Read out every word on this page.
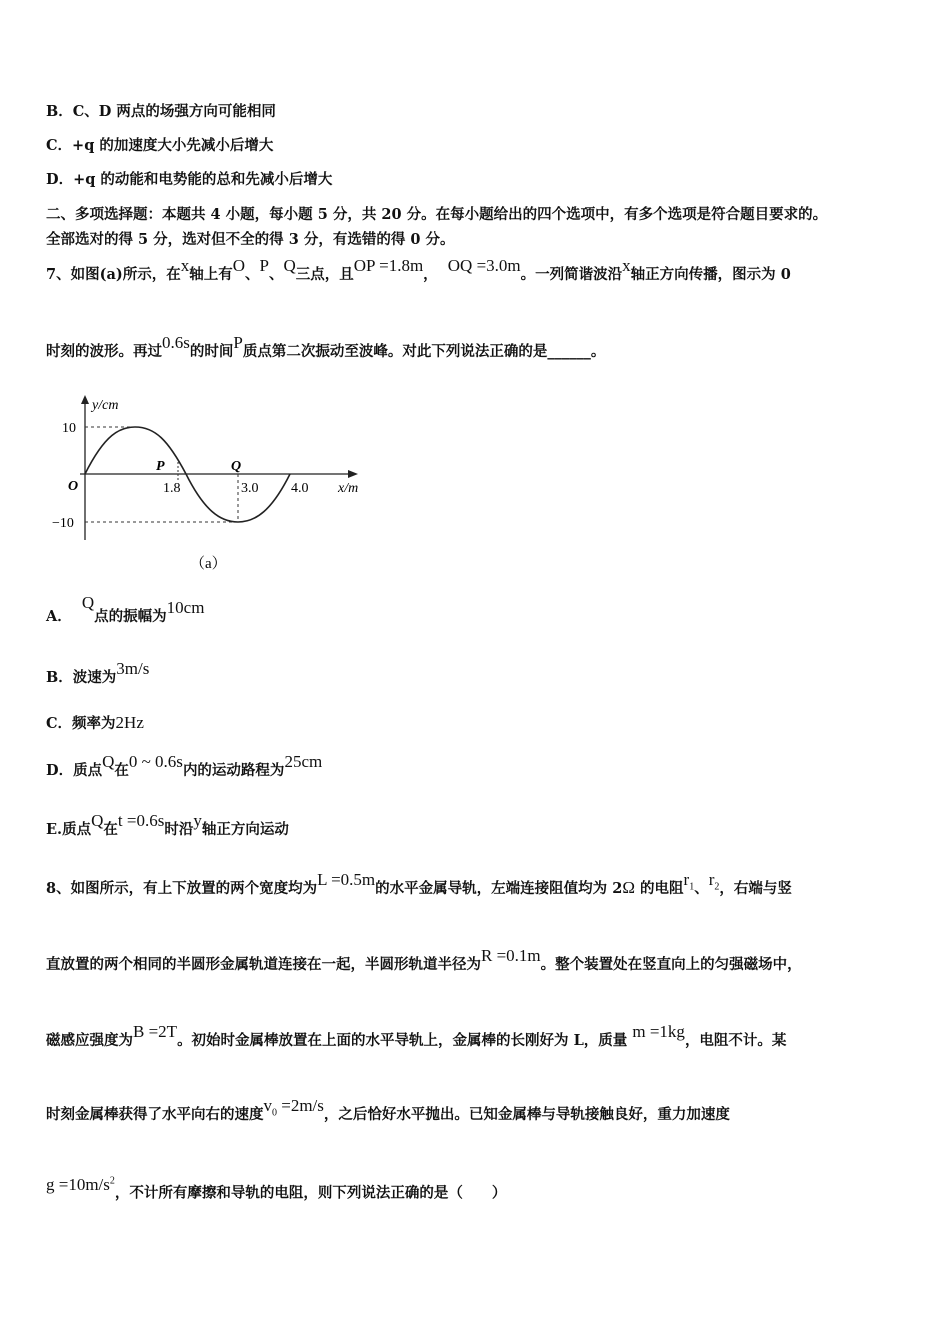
B．C、D 两点的场强方向可能相同
C．+q 的加速度大小先减小后增大
D．+q 的动能和电势能的总和先减小后增大
二、多项选择题：本题共 4 小题，每小题 5 分，共 20 分。在每小题给出的四个选项中，有多个选项是符合题目要求的。
全部选对的得 5 分，选对但不全的得 3 分，有选错的得 0 分。
7、如图(a)所示，在x轴上有O、P、Q三点，且OP =1.8m， OQ =3.0m。一列简谐波沿x轴正方向传播，图示为 0
时刻的波形。再过0.6s的时间P质点第二次振动至波峰。对此下列说法正确的是______。
y/cm
x/m
O
10
−10
1.8	3.0 4.0
P	Q
（a）
A．  Q点的振幅为10cm
B．波速为3m/s
C．频率为2Hz
D．质点Q在0 ~ 0.6s内的运动路程为25cm
E.质点Q在t =0.6s时沿y轴正方向运动
8、如图所示，有上下放置的两个宽度均为L =0.5m的水平金属导轨，左端连接阻值均为 2Ω 的电阻$r_1$、$r_2$，右端与竖
直放置的两个相同的半圆形金属轨道连接在一起，半圆形轨道半径为R =0.1m。整个装置处在竖直向上的匀强磁场中，
磁感应强度为B =2T。初始时金属棒放置在上面的水平导轨上，金属棒的长刚好为 L，质量 m =1kg，电阻不计。某
时刻金属棒获得了水平向右的速度$v_0 =2m/s$，之后恰好水平抛出。已知金属棒与导轨接触良好，重力加速度
$g =10m/s^2$，不计所有摩擦和导轨的电阻，则下列说法正确的是（　　）
